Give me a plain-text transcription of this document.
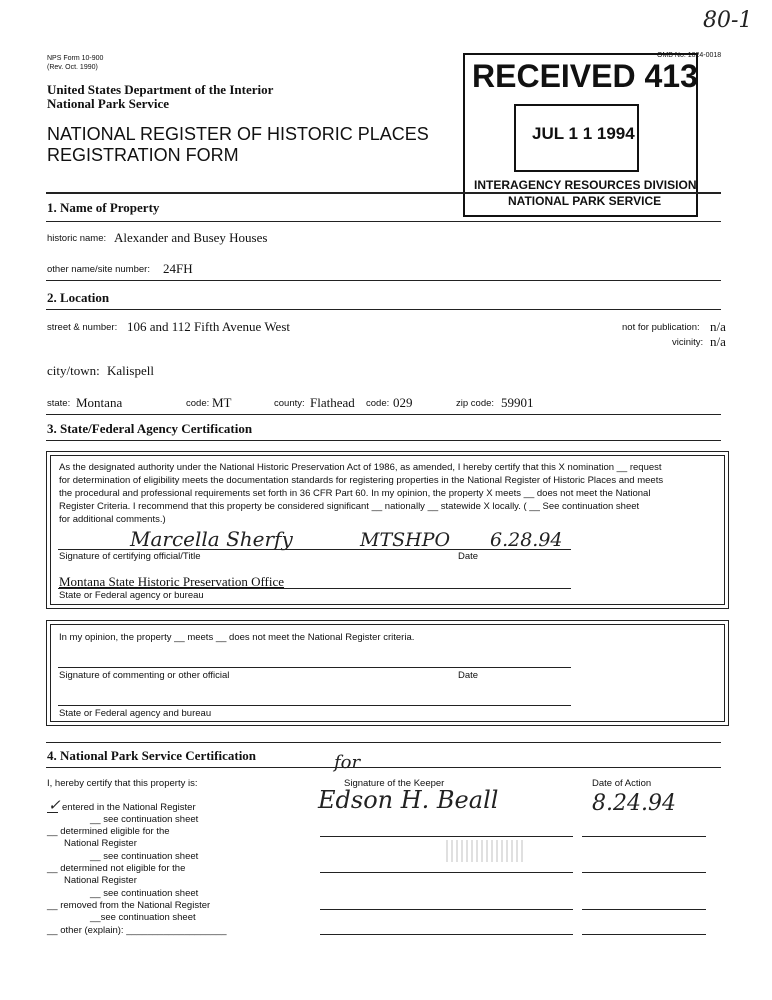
80-1
NPS Form 10-900
(Rev. Oct. 1990)
OMB No. 1024-0018
United States Department of the Interior
National Park Service
NATIONAL REGISTER OF HISTORIC PLACES
REGISTRATION FORM
RECEIVED 413
JUL 1 1 1994
INTERAGENCY RESOURCES DIVISION
NATIONAL PARK SERVICE
1. Name of Property
historic name: Alexander and Busey Houses
other name/site number: 24FH
2. Location
street & number: 106 and 112 Fifth Avenue West	not for publication: n/a
vicinity: n/a
city/town: Kalispell
state: Montana	code: MT	county: Flathead code: 029	zip code: 59901
3. State/Federal Agency Certification
As the designated authority under the National Historic Preservation Act of 1986, as amended, I hereby certify that this X nomination __ request
for determination of eligibility meets the documentation standards for registering properties in the National Register of Historic Places and meets
the procedural and professional requirements set forth in 36 CFR Part 60. In my opinion, the property X meets __ does not meet the National
Register Criteria. I recommend that this property be considered significant __ nationally __ statewide X locally. ( __ See continuation sheet
for additional comments.)
Marcella Sherfy	MTSHPO 6.28.94
Signature of certifying official/Title	Date
Montana State Historic Preservation Office
State or Federal agency or bureau
In my opinion, the property __ meets __ does not meet the National Register criteria.
Signature of commenting or other official	Date
State or Federal agency and bureau
4. National Park Service Certification
I, hereby certify that this property is:
for
Signature of the Keeper	Date of Action
Edson H. Beall	8.24.94
✓ entered in the National Register
__ see continuation sheet
__ determined eligible for the
National Register
__ see continuation sheet
__ determined not eligible for the
National Register
__ see continuation sheet
__ removed from the National Register
__see continuation sheet
__ other (explain): ___________________
